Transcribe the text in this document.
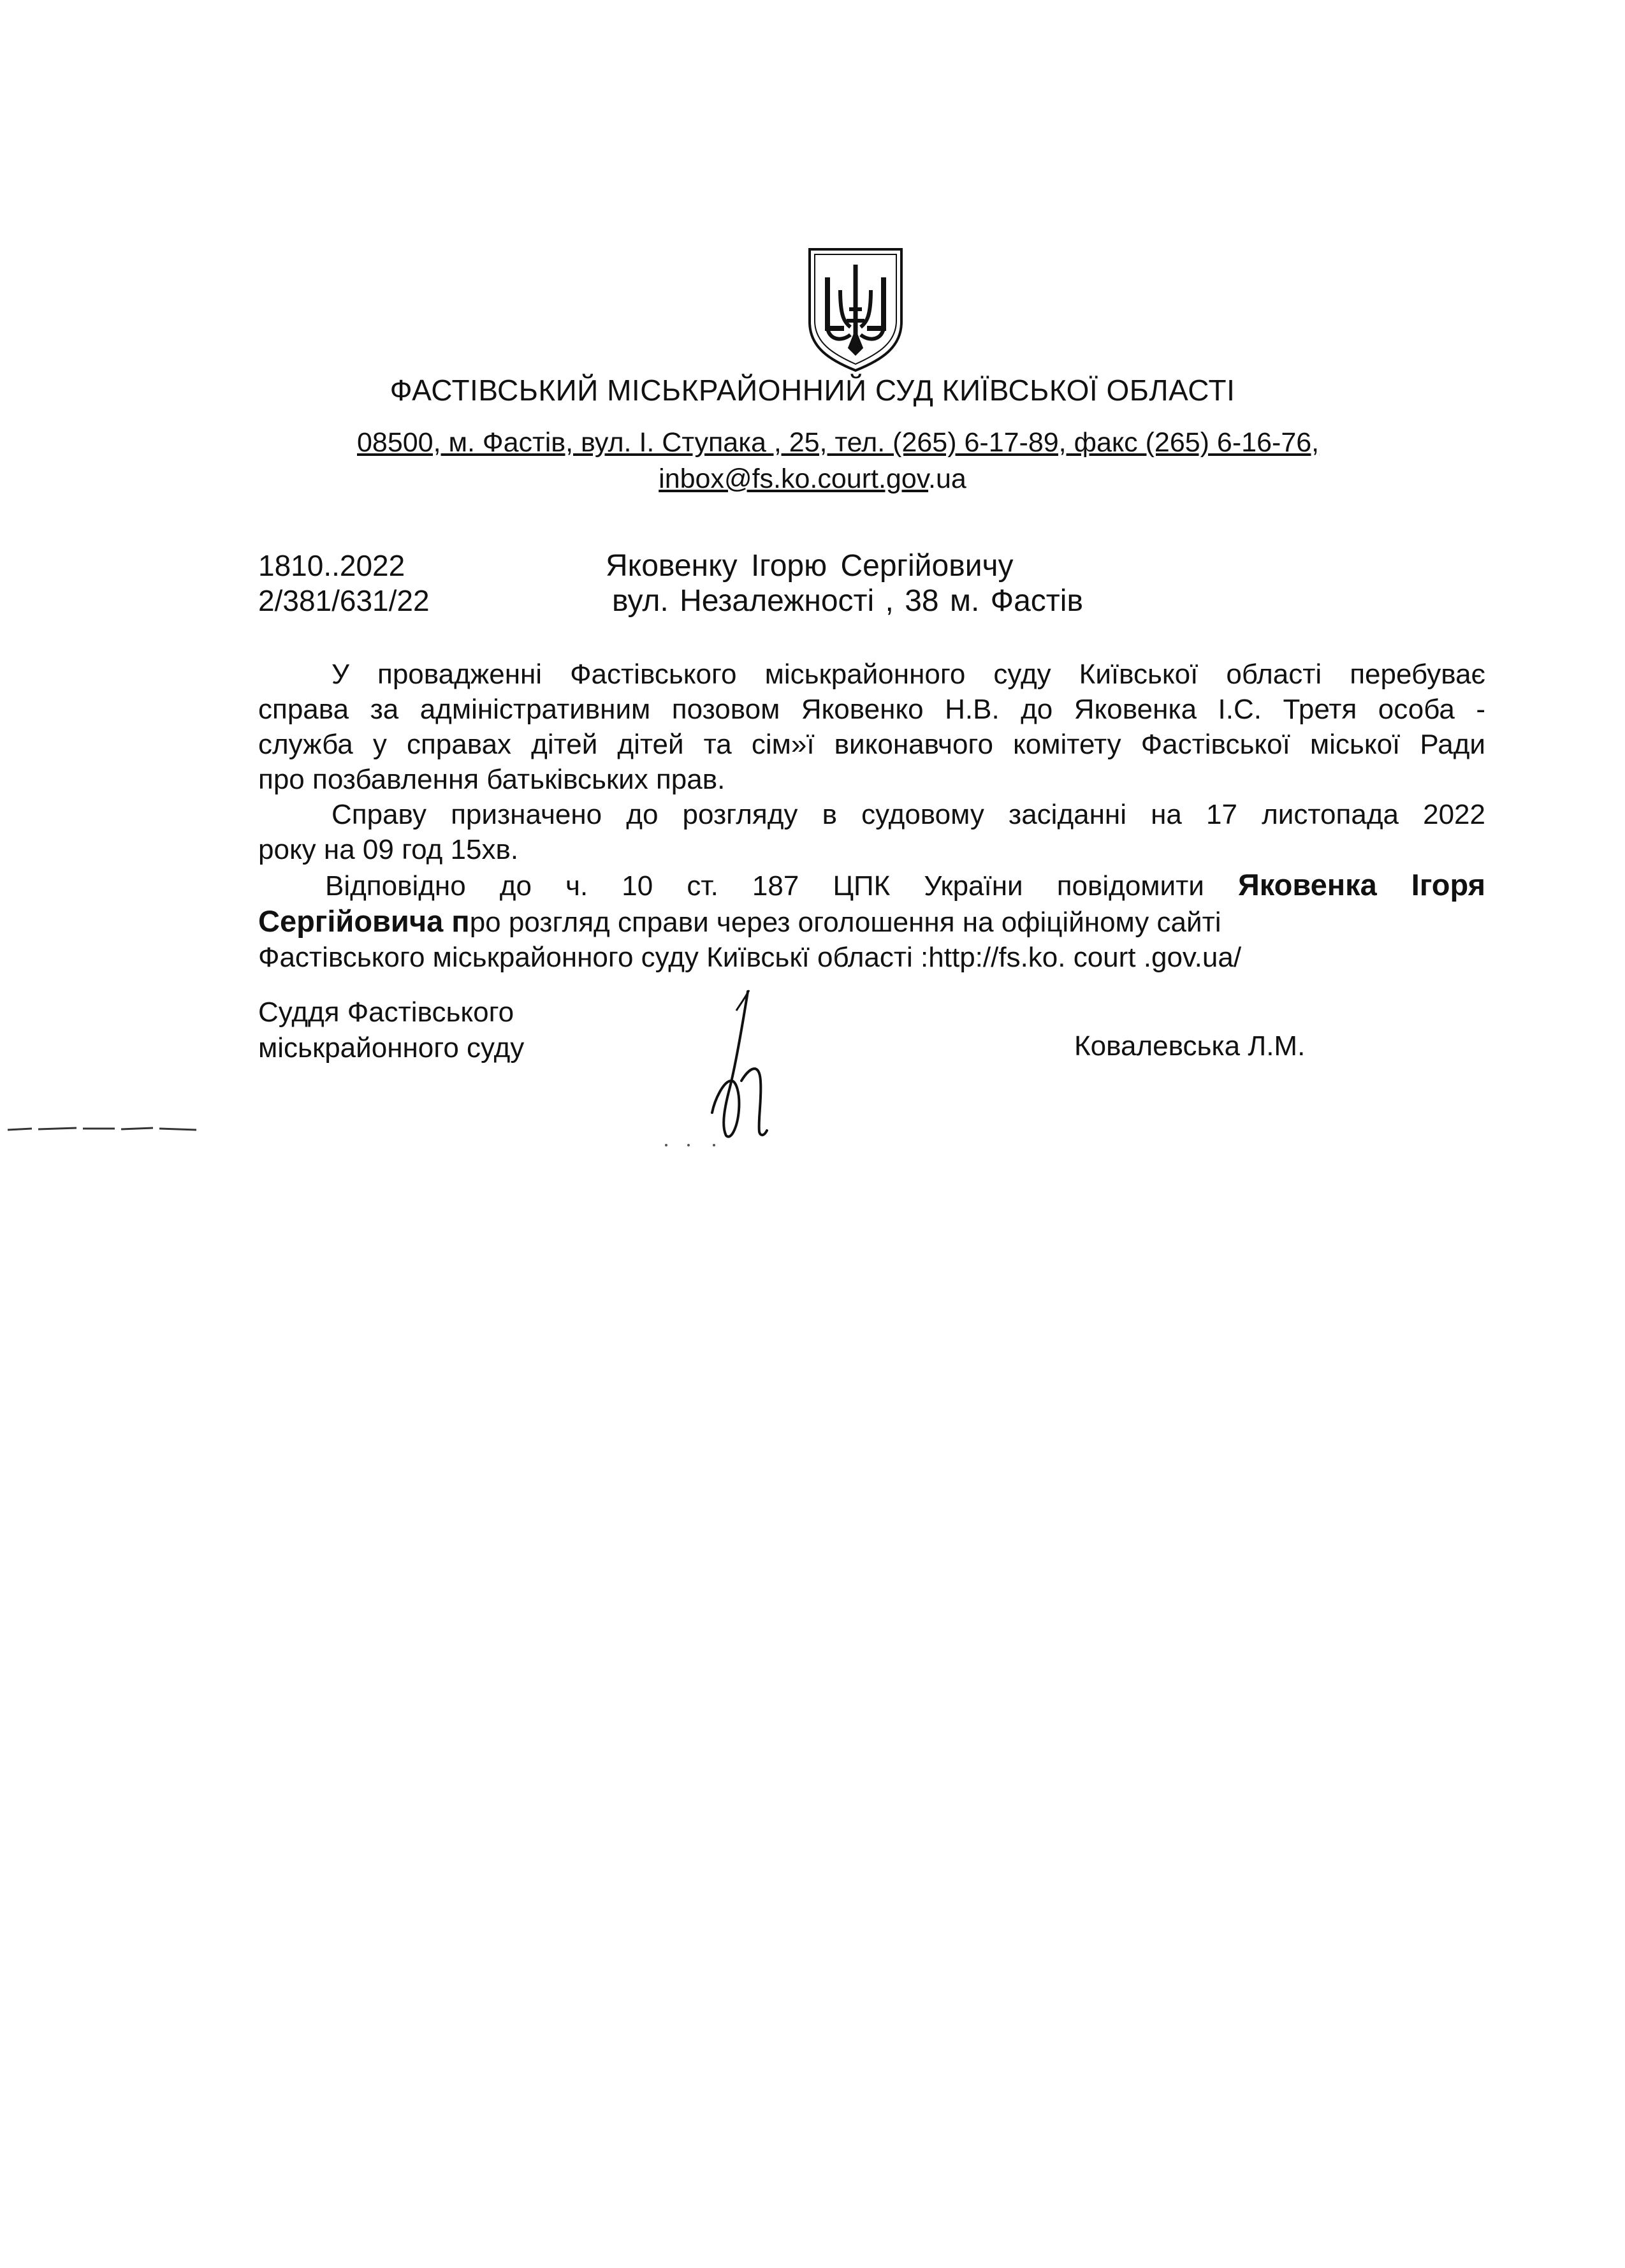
ФАСТІВСЬКИЙ МІСЬКРАЙОННИЙ СУД КИЇВСЬКОЇ ОБЛАСТІ
08500, м. Фастів, вул. І. Ступака , 25, тел. (265) 6-17-89, факс (265) 6-16-76,
inbox@fs.ko.court.gov.ua
1810..2022
2/381/631/22
Яковенку Ігорю Сергійовичу
вул. Незалежності , 38 м. Фастів

У провадженні Фастівського міськрайонного суду Київської області перебуває

справа за адміністративним позовом Яковенко Н.В. до Яковенка І.С. Третя особа -

служба у справах дітей дітей та сім»ї виконавчого комітету Фастівської міської Ради

про позбавлення батьківських прав.

Справу призначено до розгляду в судовому засіданні на 17 листопада 2022

року на 09 год 15хв.

Відповідно до ч. 10 ст. 187 ЦПК України повідомити Яковенка Ігоря

Сергійовича про розгляд справи через оголошення на офіційному сайті

Фастівського міськрайонного суду Київськї області :http://fs.ko. court .gov.ua/

Суддя Фастівського
міськрайонного суду	Ковалевська Л.М.
